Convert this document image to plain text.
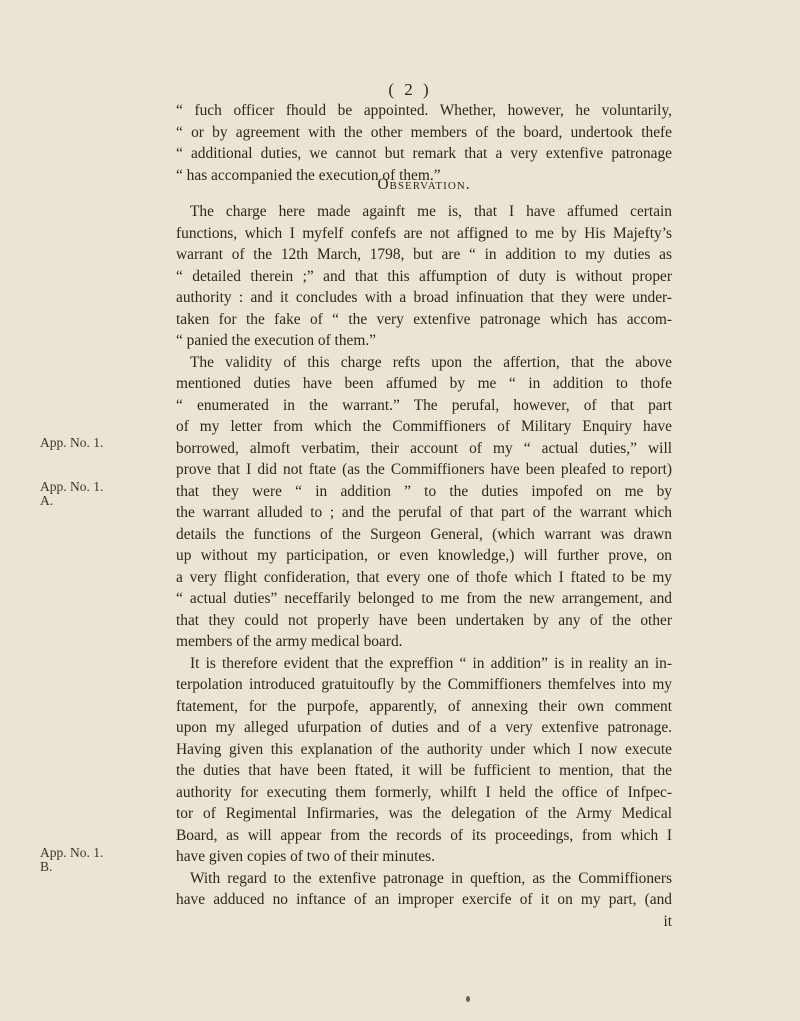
( 2 )
“ fuch officer fhould be appointed. Whether, however, he voluntarily,
“ or by agreement with the other members of the board, undertook thefe
“ additional duties, we cannot but remark that a very extenfive patronage
“ has accompanied the execution of them.”
Observation.
The charge here made againft me is, that I have affumed certain
functions, which I myfelf confefs are not affigned to me by His Majefty’s
warrant of the 12th March, 1798, but are “ in addition to my duties as
“ detailed therein ;” and that this affumption of duty is without proper
authority : and it concludes with a broad infinuation that they were under-
taken for the fake of “ the very extenfive patronage which has accom-
“ panied the execution of them.”
The validity of this charge refts upon the affertion, that the above
mentioned duties have been affumed by me “ in addition to thofe
“ enumerated in the warrant.” The perufal, however, of that part
of my letter from which the Commiffioners of Military Enquiry have
borrowed, almoft verbatim, their account of my “ actual duties,” will
prove that I did not ftate (as the Commiffioners have been pleafed to report)
that they were “ in addition ” to the duties impofed on me by
the warrant alluded to ; and the perufal of that part of the warrant which
details the functions of the Surgeon General, (which warrant was drawn
up without my participation, or even knowledge,) will further prove, on
a very flight confideration, that every one of thofe which I ftated to be my
“ actual duties” neceffarily belonged to me from the new arrangement, and
that they could not properly have been undertaken by any of the other
members of the army medical board.
It is therefore evident that the expreffion “ in addition” is in reality an in-
terpolation introduced gratuitoufly by the Commiffioners themfelves into my
ftatement, for the purpofe, apparently, of annexing their own comment
upon my alleged ufurpation of duties and of a very extenfive patronage.
Having given this explanation of the authority under which I now execute
the duties that have been ftated, it will be fufficient to mention, that the
authority for executing them formerly, whilft I held the office of Infpec-
tor of Regimental Infirmaries, was the delegation of the Army Medical
Board, as will appear from the records of its proceedings, from which I
have given copies of two of their minutes.
With regard to the extenfive patronage in queftion, as the Commiffioners
have adduced no inftance of an improper exercife of it on my part, (and
it
App. No. 1.
App. No. 1.
A.
App. No. 1.
B.
